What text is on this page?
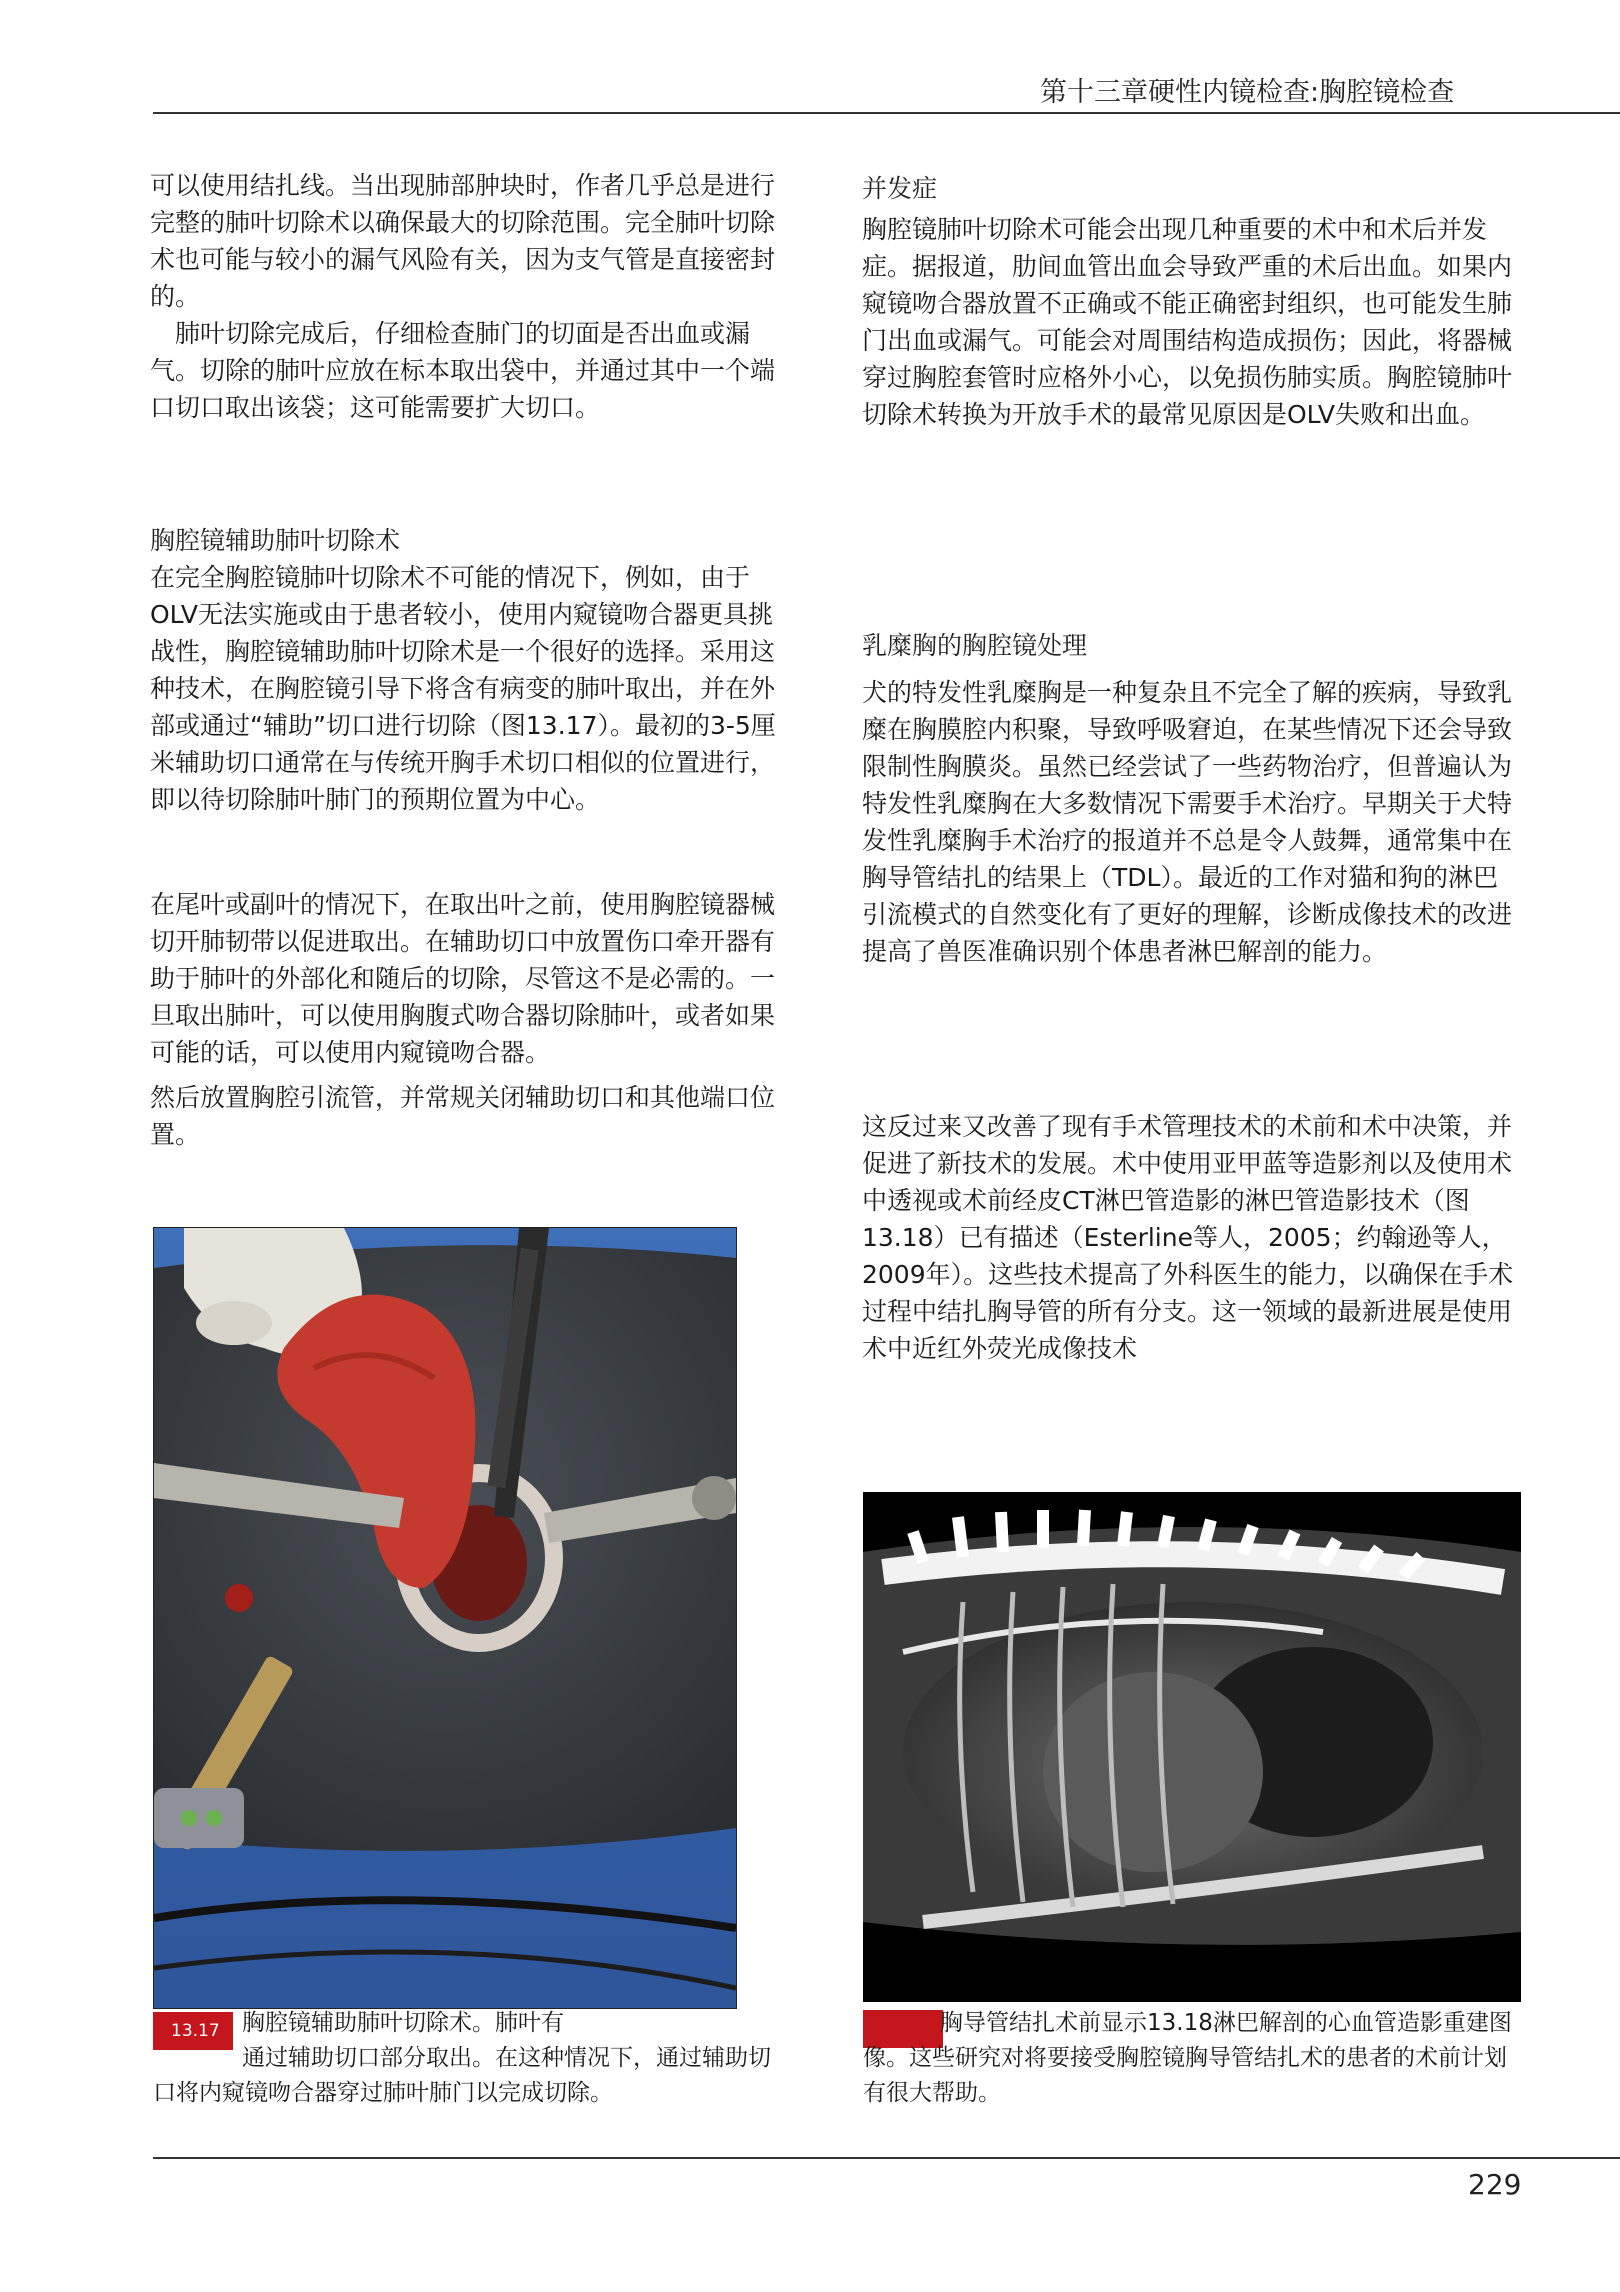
第十三章硬性内镜检查:胸腔镜检查

可以使用结扎线。当出现肺部肿块时，作者几乎总是进行完整的肺叶切除术以确保最大的切除范围。完全肺叶切除术也可能与较小的漏气风险有关，因为支气管是直接密封的。

肺叶切除完成后，仔细检查肺门的切面是否出血或漏气。切除的肺叶应放在标本取出袋中，并通过其中一个端口切口取出该袋；这可能需要扩大切口。

胸腔镜辅助肺叶切除术

在完全胸腔镜肺叶切除术不可能的情况下，例如，由于OLV无法实施或由于患者较小，使用内窥镜吻合器更具挑战性，胸腔镜辅助肺叶切除术是一个很好的选择。采用这种技术，在胸腔镜引导下将含有病变的肺叶取出，并在外部或通过“辅助”切口进行切除（图13.17）。最初的3-5厘米辅助切口通常在与传统开胸手术切口相似的位置进行，即以待切除肺叶肺门的预期位置为中心。

在尾叶或副叶的情况下，在取出叶之前，使用胸腔镜器械切开肺韧带以促进取出。在辅助切口中放置伤口牵开器有助于肺叶的外部化和随后的切除，尽管这不是必需的。一旦取出肺叶，可以使用胸腹式吻合器切除肺叶，或者如果可能的话，可以使用内窥镜吻合器。

然后放置胸腔引流管，并常规关闭辅助切口和其他端口位置。

13.17 胸腔镜辅助肺叶切除术。肺叶有
通过辅助切口部分取出。在这种情况下，通过辅助切口将内窥镜吻合器穿过肺叶肺门以完成切除。

并发症

胸腔镜肺叶切除术可能会出现几种重要的术中和术后并发症。据报道，肋间血管出血会导致严重的术后出血。如果内窥镜吻合器放置不正确或不能正确密封组织，也可能发生肺门出血或漏气。可能会对周围结构造成损伤；因此，将器械穿过胸腔套管时应格外小心，以免损伤肺实质。胸腔镜肺叶切除术转换为开放手术的最常见原因是OLV失败和出血。

乳糜胸的胸腔镜处理

犬的特发性乳糜胸是一种复杂且不完全了解的疾病，导致乳糜在胸膜腔内积聚，导致呼吸窘迫，在某些情况下还会导致限制性胸膜炎。虽然已经尝试了一些药物治疗，但普遍认为特发性乳糜胸在大多数情况下需要手术治疗。早期关于犬特发性乳糜胸手术治疗的报道并不总是令人鼓舞，通常集中在胸导管结扎的结果上（TDL）。最近的工作对猫和狗的淋巴引流模式的自然变化有了更好的理解，诊断成像技术的改进提高了兽医准确识别个体患者淋巴解剖的能力。

这反过来又改善了现有手术管理技术的术前和术中决策，并促进了新技术的发展。术中使用亚甲蓝等造影剂以及使用术中透视或术前经皮CT淋巴管造影的淋巴管造影技术（图13.18）已有描述（Esterline等人，2005；约翰逊等人，2009年）。这些技术提高了外科医生的能力，以确保在手术过程中结扎胸导管的所有分支。这一领域的最新进展是使用术中近红外荧光成像技术

胸导管结扎术前显示13.18淋巴解剖的心血管造影重建图像。这些研究对将要接受胸腔镜胸导管结扎术的患者的术前计划有很大帮助。
229
